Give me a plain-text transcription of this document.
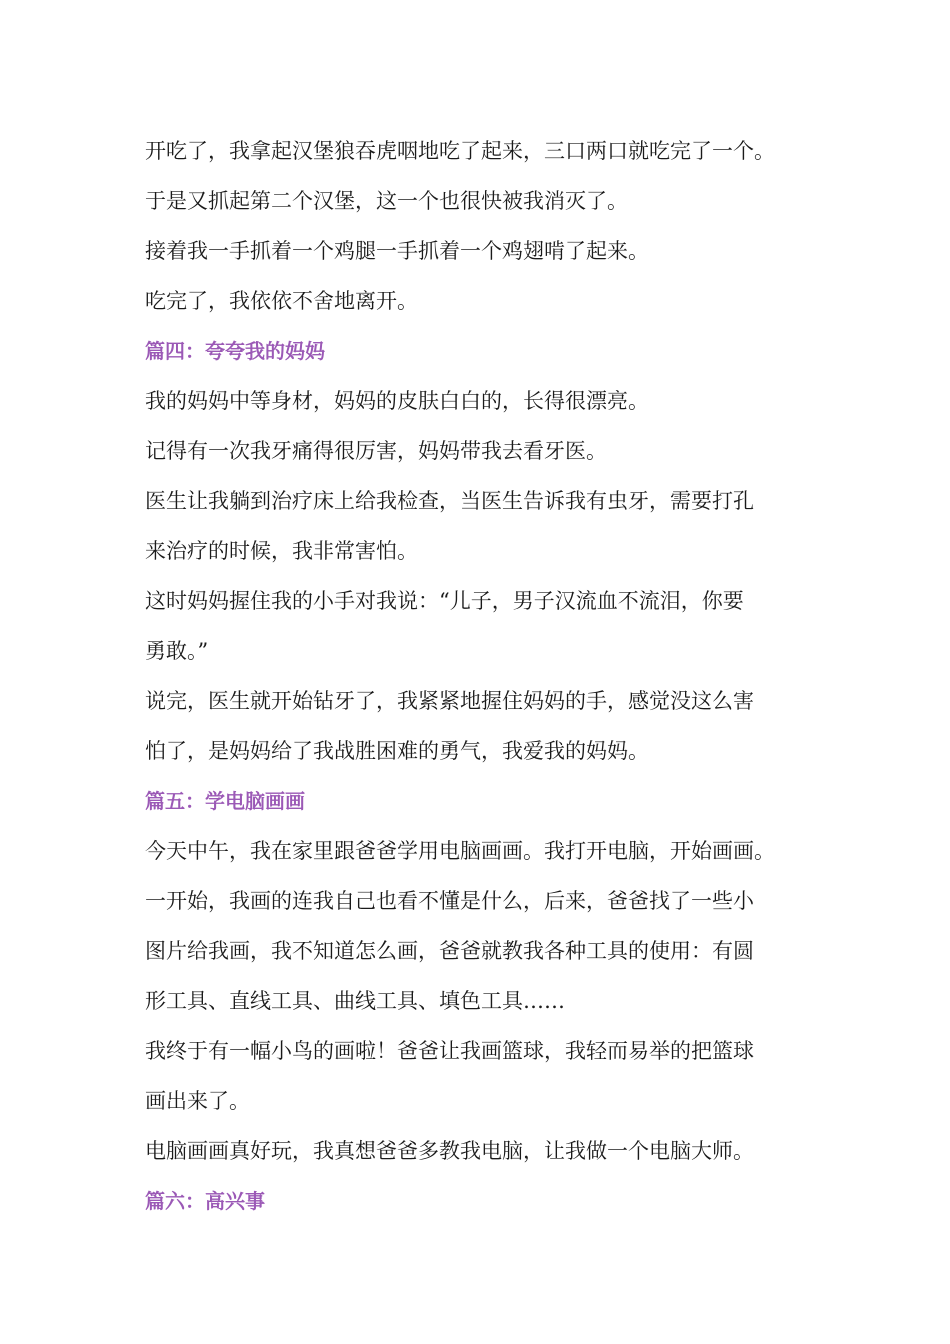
开吃了，我拿起汉堡狼吞虎咽地吃了起来，三口两口就吃完了一个。
于是又抓起第二个汉堡，这一个也很快被我消灭了。
接着我一手抓着一个鸡腿一手抓着一个鸡翅啃了起来。
吃完了，我依依不舍地离开。
篇四：夸夸我的妈妈
我的妈妈中等身材，妈妈的皮肤白白的，长得很漂亮。
记得有一次我牙痛得很厉害，妈妈带我去看牙医。
医生让我躺到治疗床上给我检查，当医生告诉我有虫牙，需要打孔
来治疗的时候，我非常害怕。
这时妈妈握住我的小手对我说：“儿子，男子汉流血不流泪，你要
勇敢。”
说完，医生就开始钻牙了，我紧紧地握住妈妈的手，感觉没这么害
怕了，是妈妈给了我战胜困难的勇气，我爱我的妈妈。
篇五：学电脑画画
今天中午，我在家里跟爸爸学用电脑画画。我打开电脑，开始画画。
一开始，我画的连我自己也看不懂是什么，后来，爸爸找了一些小
图片给我画，我不知道怎么画，爸爸就教我各种工具的使用：有圆
形工具、直线工具、曲线工具、填色工具……
我终于有一幅小鸟的画啦！爸爸让我画篮球，我轻而易举的把篮球
画出来了。
电脑画画真好玩，我真想爸爸多教我电脑，让我做一个电脑大师。
篇六：高兴事
